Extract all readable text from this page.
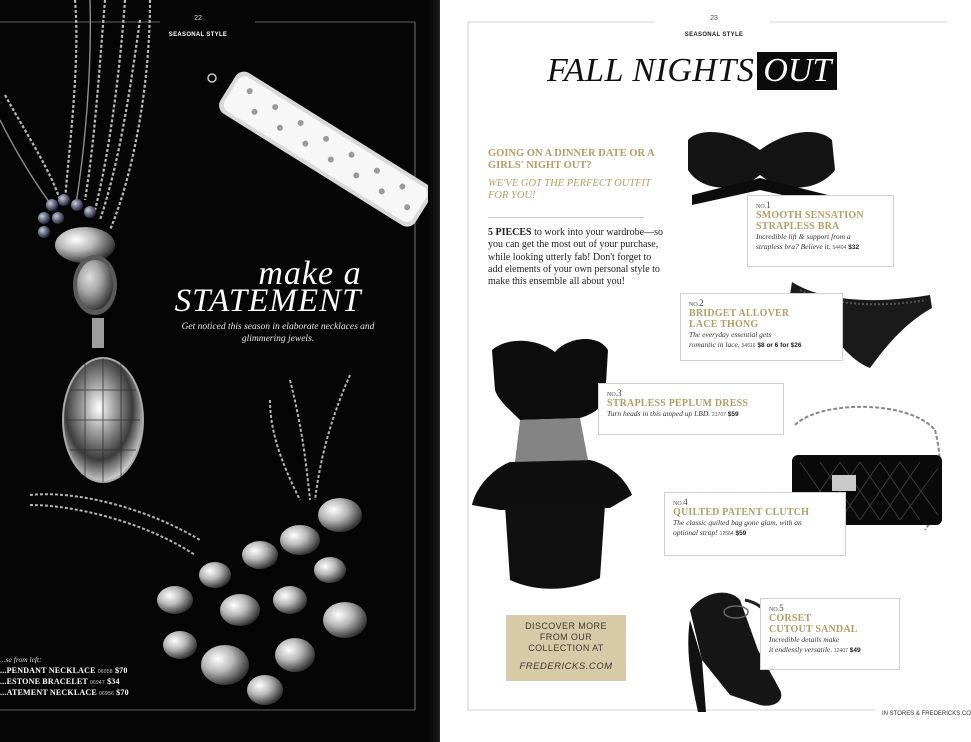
22
SEASONAL STYLE
make a
STATEMENT
Get noticed this season in elaborate necklaces and glimmering jewels.
...se from left:
...PENDANT NECKLACE 06958 $70
...ESTONE BRACELET 06947 $34
...ATEMENT NECKLACE 06956 $70
23
SEASONAL STYLE
FALL NIGHTS OUT
GOING ON A DINNER DATE OR A GIRLS' NIGHT OUT?
WE'VE GOT THE PERFECT OUTFIT FOR YOU!
5 PIECES to work into your wardrobe—so you can get the most out of your purchase, while looking utterly fab! Don't forget to add elements of your own personal style to make this ensemble all about you!
NO.1
SMOOTH SENSATION
STRAPLESS BRA
Incredible lift & support from a
strapless bra? Believe it. 54404 $32
NO.2
BRIDGET ALLOVER
LACE THONG
The everyday essential gets
romantic in lace. 54616 $8 or 6 for $26
NO.3
STRAPLESS PEPLUM DRESS
Turn heads in this amped up LBD. 21707 $59
NO.4
QUILTED PATENT CLUTCH
The classic quilted bag gone glam, with an
optional strap! 12564 $59
NO.5
CORSET
CUTOUT SANDAL
Incredible details make
it endlessly versatile. 12407 $49
DISCOVER MORE
FROM OUR
COLLECTION AT
FREDERICKS.COM
IN STORES & FREDERICKS.CO
